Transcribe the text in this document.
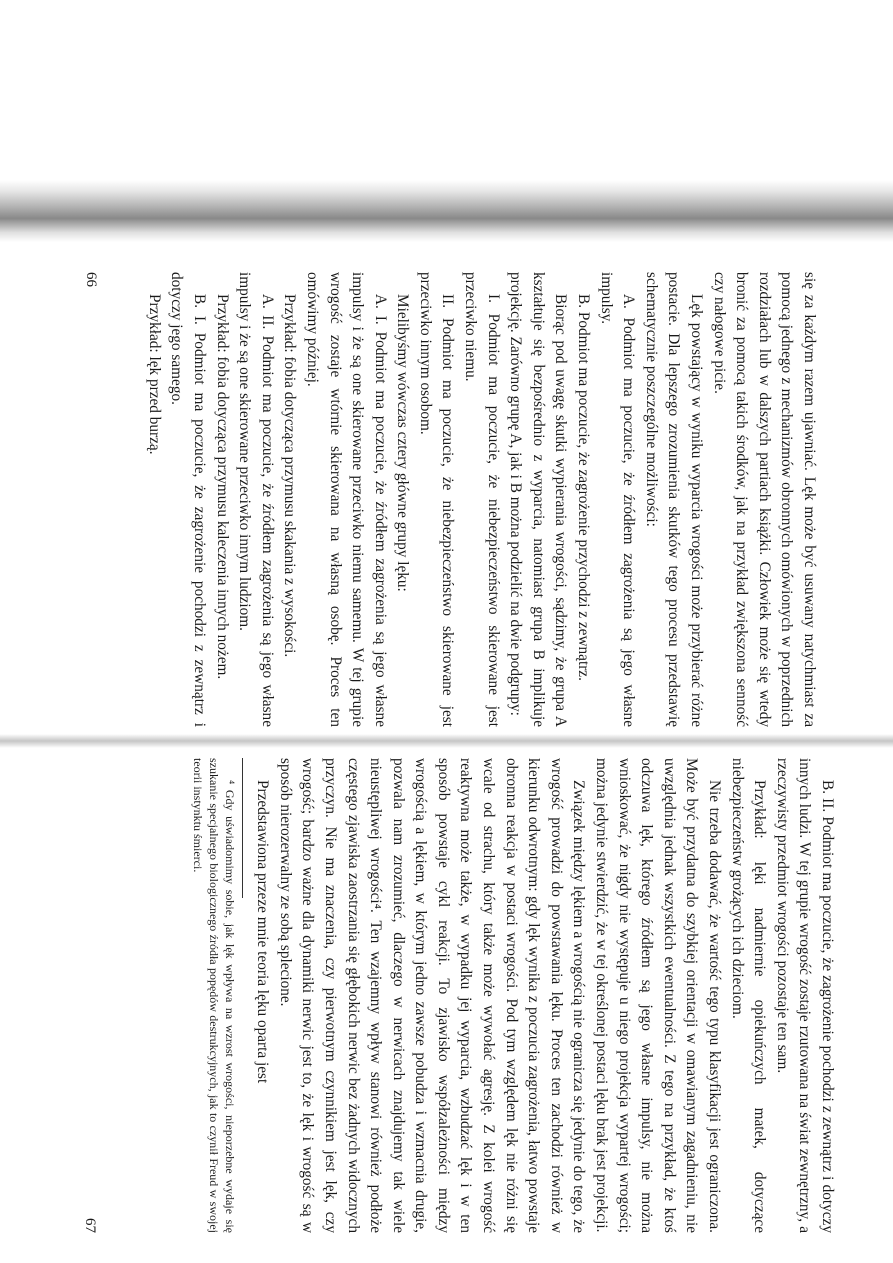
się za każdym razem ujawniać. Lęk może być usuwany natychmiast za pomocą jednego z mechanizmów obronnych omówionych w poprzednich rozdziałach lub w dalszych partiach książki. Człowiek może się wtedy bronić za pomocą takich środków, jak na przykład zwiększona senność czy nałogowe picie.

Lęk powstający w wyniku wyparcia wrogości może przybierać różne postacie. Dla lepszego zrozumienia skutków tego procesu przedstawię schematycznie poszczególne możliwości:

A. Podmiot ma poczucie, że źródłem zagrożenia są jego własne impulsy.

B. Podmiot ma poczucie, że zagrożenie przychodzi z zewnątrz.

Biorąc pod uwagę skutki wypierania wrogości, sądzimy, że grupa A kształtuje się bezpośrednio z wyparcia, natomiast grupa B implikuje projekcję. Zarówno grupę A, jak i B można podzielić na dwie podgrupy:

I. Podmiot ma poczucie, że niebezpieczeństwo skierowane jest przeciwko niemu.

II. Podmiot ma poczucie, że niebezpieczeństwo skierowane jest przeciwko innym osobom.

Mielibyśmy wówczas cztery główne grupy lęku:

A. I. Podmiot ma poczucie, że źródłem zagrożenia są jego własne impulsy i że są one skierowane przeciwko niemu samemu. W tej grupie wrogość zostaje wtórnie skierowana na własną osobę. Proces ten omówimy później.

Przykład: fobia dotycząca przymusu skakania z wysokości.

A. II. Podmiot ma poczucie, że źródłem zagrożenia są jego własne impulsy i że są one skierowane przeciwko innym ludziom.

Przykład: fobia dotycząca przymusu kaleczenia innych nożem.

B. I. Podmiot ma poczucie, że zagrożenie pochodzi z zewnątrz i dotyczy jego samego.

Przykład: lęk przed burzą.

66

B. II. Podmiot ma poczucie, że zagrożenie pochodzi z zewnątrz i dotyczy innych ludzi. W tej grupie wrogość zostaje rzutowana na świat zewnętrzny, a rzeczywisty przedmiot wrogości pozostaje ten sam.

Przykład: lęki nadmiernie opiekuńczych matek, dotyczące niebezpieczeństw grożących ich dzieciom.

Nie trzeba dodawać, że wartość tego typu klasyfikacji jest ograniczona. Może być przydatna do szybkiej orientacji w omawianym zagadnieniu, nie uwzględnia jednak wszystkich ewentualności. Z tego na przykład, że ktoś odczuwa lęk, którego źródłem są jego własne impulsy, nie można wnioskować, że nigdy nie występuje u niego projekcja wypartej wrogości; można jedynie stwierdzić, że w tej określonej postaci lęku brak jest projekcji.

Związek między lękiem a wrogością nie ogranicza się jedynie do tego, że wrogość prowadzi do powstawania lęku. Proces ten zachodzi również w kierunku odwrotnym: gdy lęk wynika z poczucia zagrożenia, łatwo powstaje obronna reakcja w postaci wrogości. Pod tym względem lęk nie różni się wcale od strachu, który także może wywołać agresję. Z kolei wrogość reaktywna może także, w wypadku jej wyparcia, wzbudzać lęk i w ten sposób powstaje cykl reakcji. To zjawisko współzależności między wrogością a lękiem, w którym jedno zawsze pobudza i wzmacnia drugie, pozwala nam zrozumieć, dlaczego w nerwicach znajdujemy tak wiele nieustępliwej wrogości⁴. Ten wzajemny wpływ stanowi również podłoże częstego zjawiska zaostrzania się głębokich nerwic bez żadnych widocznych przyczyn. Nie ma znaczenia, czy pierwotnym czynnikiem jest lęk, czy wrogość; bardzo ważne dla dynamiki nerwic jest to, że lęk i wrogość są w sposób nierozerwalny ze sobą splecione.

Przedstawiona przeze mnie teoria lęku oparta jest

⁴ Gdy uświadomimy sobie, jak lęk wpływa na wzrost wrogości, nieporzebne wydaje się szukanie specjalnego biologicznego źródła popędów destrukcyjnych, jak to czynił Freud w swojej teorii instynktu śmierci.

67
